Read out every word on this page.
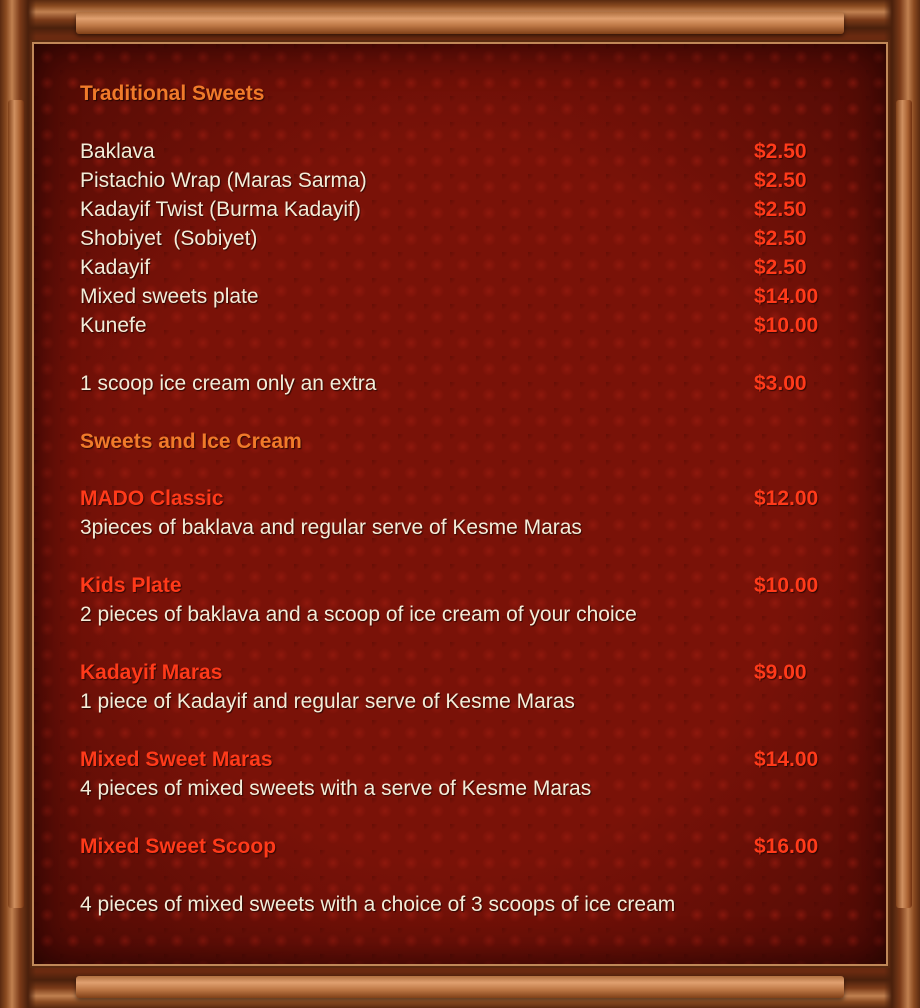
Traditional Sweets
Baklava	$2.50
Pistachio Wrap (Maras Sarma)	$2.50
Kadayif Twist (Burma Kadayif)	$2.50
Shobiyet  (Sobiyet)	$2.50
Kadayif	$2.50
Mixed sweets plate	$14.00
Kunefe	$10.00
1 scoop ice cream only an extra	$3.00
Sweets and Ice Cream
MADO Classic	$12.00
3pieces of baklava and regular serve of Kesme Maras
Kids Plate	$10.00
2 pieces of baklava and a scoop of ice cream of your choice
Kadayif Maras	$9.00
1 piece of Kadayif and regular serve of Kesme Maras
Mixed Sweet Maras	$14.00
4 pieces of mixed sweets with a serve of Kesme Maras
Mixed Sweet Scoop	$16.00
4 pieces of mixed sweets with a choice of 3 scoops of ice cream
